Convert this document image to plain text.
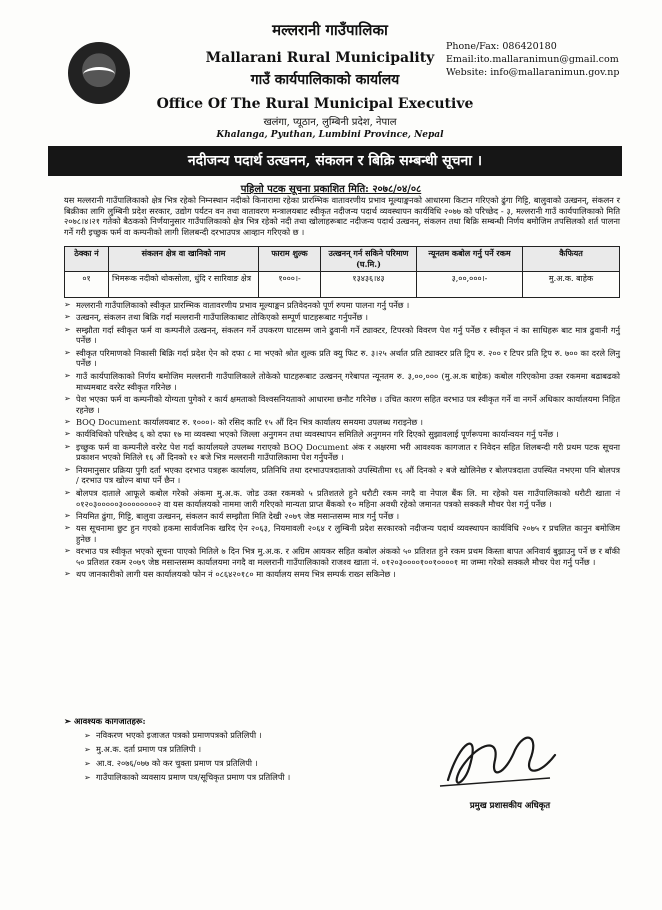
मल्लरानी गाउँपालिका
Mallarani Rural Municipality
गाउँ कार्यपालिकाको कार्यालय
Office Of The Rural Municipal Executive
खलंगा, प्यूठान, लुम्बिनी प्रदेश, नेपाल
Khalanga, Pyuthan, Lumbini Province, Nepal
Phone/Fax: 086420180
Email:ito.mallaranimun@gmail.com
Website: info@mallaranimun.gov.np
नदीजन्य पदार्थ उत्खनन, संकलन र बिक्रि सम्बन्धी सूचना ।
पहिलो पटक सूचना प्रकाशित मिति: २०७८/०४/०८

यस मल्लरानी गाउँपालिकाको क्षेत्र भित्र रहेको निम्नस्थान नदीको किनारामा रहेका प्रारम्भिक वातावरणीय प्रभाव मूल्याङ्कनको आधारमा किटान गरिएको ढुंगा गिट्टि, बालुवाको उत्खनन्, संकलन र बिक्रीका लागि लुम्बिनी प्रदेश सरकार, उद्योग पर्यटन वन तथा वातावरण मन्त्रालयबाट स्वीकृत नदीजन्य पदार्थ व्यवस्थापन कार्यविधि २०७७ को परिच्छेद - ३, मल्लरानी गाउँ कार्यपालिकाको मिति २०७८।४।२१ गतेको बैठकको निर्णयानुसार गाउँपालिकाको क्षेत्र भित्र रहेको नदी तथा खोलाहरूबाट नदीजन्य पदार्थ उत्खनन्, संकलन तथा बिक्रि सम्बन्धी निर्णय बमोजिम तपसिलको शर्त पालना गर्ने गरी इच्छुक फर्म वा कम्पनीको लागी शिलबन्दी दरभाउपत्र आव्हान गरिएको छ ।

ठेक्का नं	संकलन क्षेत्र वा खानिको नाम	फाराम शुल्क	उत्खनन् गर्न सकिने परिमाण (घ.मि.)	न्यूनतम कबोल गर्नु पर्ने रकम	कैफियत
०१	भिमरूक नदीको थोकसोला, धुंदि र सारिवाङ क्षेत्र	१०००।-	१३४३६।४३	३,००,०००।-	मु.अ.क. बाहेक
➢ मल्लरानी गाउँपालिकाको स्वीकृत प्रारम्भिक वातावरणीय प्रभाव मूल्याङ्कन प्रतिवेदनको पूर्ण रुपमा पालना गर्नु पर्नेछ ।
➢ उत्खनन्, संकलन तथा बिक्रि गर्दा मल्लरानी गाउँपालिकाबाट तोकिएको सम्पूर्ण घाटहरूबाट गर्नुपर्नेछ ।
➢ सम्झौता गर्दा स्वीकृत फर्म वा कम्पनीले उत्खनन्, संकलन गर्ने उपकरण घाटसम्म जाने ढुवानी गर्ने ट्याक्टर, टिपरको विवरण पेश गर्नु पर्नेछ र स्वीकृत नं का साधिहरू बाट मात्र ढुवानी गर्नु पर्नेछ ।
➢ स्वीकृत परिमाणको निकासी बिक्रि गर्दा प्रदेश ऐन को दफा ८ मा भएको श्रोत शुल्क प्रति क्यु फिट रु. ३।२५ अर्थात प्रति ट्याक्टर प्रति ट्रिप रु. २०० र टिपर प्रति ट्रिप रु. ७०० का दरले लिनु पर्नेछ ।
➢ गाउँ कार्यपालिकाको निर्णय बमोजिम मल्लरानी गाउँपालिकाले तोकेको घाटहरूबाट उत्खनन् गरेबापत न्यूनतम रु. ३,००,००० (मु.अ.क बाहेक) कबोल गरिएकोमा उक्त रकममा बढाबढको माध्यमबाट वररेट स्वीकृत गरिनेछ ।
➢ पेश भएका फर्म वा कम्पनीको योग्यता पुगेको र कार्य क्षमताको विश्वसनियताको आधारमा छनौट गरिनेछ । उचित कारण सहित वरभाउ पत्र स्वीकृत गर्ने वा नगर्ने अधिकार कार्यालयमा निहित रहनेछ ।
➢ BOQ Document कार्यालयबाट रु. १०००।- को रसिद काटि १५ औं दिन भित्र कार्यालय समयमा उपलब्ध गराइनेछ ।
➢ कार्यविधिको परिच्छेद ६ को दफा १७ मा व्यवस्था भएको जिल्ला अनुगमन तथा व्यवस्थापन समितिले अनुगमन गरि दिएको सुझावलाई पूर्णरूपमा कार्यान्वयन गर्नु पर्नेछ ।
➢ इच्छुक फर्म वा कम्पनीले वररेट पेश गर्दा कार्यालयले उपलब्ध गराएको BOQ Document अंक र अक्षरमा भरी आवश्यक कागजात र निवेदन सहित शिलबन्दी गरी प्रथम पटक सूचना प्रकाशन भएको मितिले १६ औं दिनको १२ बजे भित्र मल्लरानी गाउँपालिकामा पेश गर्नुपर्नेछ ।
➢ नियमानुसार प्रक्रिया पुगी दर्ता भएका दरभाउ पत्रहरू कार्यालय, प्रतिनिधि तथा दरभाउपत्रदाताको उपस्थितीमा १६ औं दिनको २ बजे खोलिनेछ र बोलपत्रदाता उपस्थित नभएमा पनि बोलपत्र / दरभाउ पत्र खोल्न बाधा पर्ने छैन ।
➢ बोलपत्र दाताले आफूले कबोल गरेको अंकमा मु.अ.क. जोड उक्त रकमको ५ प्रतिशतले हुने धरौटी रकम नगदै वा नेपाल बैंक लि. मा रहेको यस गाउँपालिकाको धरौटी खाता नं ०१२०३०००००३००००००००२ वा यस कार्यालयको नाममा जारी गरिएको मान्यता प्राप्त बैंकको १० महिना अवधी रहेको जमानत पत्रको सक्कलै मौचर पेश गर्नु पर्नेछ ।
➢ नियमित ढुंगा, गिट्टि, बालुवा उत्खनन्, संकलन कार्य सम्झौता मिति देखी २०७९ जेष्ठ मसान्तसम्म मात्र गर्नु पर्नेछ ।
➢ यस सूचनामा छुट हुन गएको हकमा सार्वजनिक खरिद ऐन २०६३, नियमावली २०६४ र लुम्बिनी प्रदेश सरकारको नदीजन्य पदार्थ व्यवस्थापन कार्यविधि २०७५ र प्रचलित कानुन बमोजिम हुनेछ ।
➢ वरभाउ पत्र स्वीकृत भएको सूचना पाएको मितिले ७ दिन भित्र मु.अ.क. र अग्रिम आयकर सहित कबोल अंकको ५० प्रतिशत हुने रकम प्रथम किस्ता बापत अनिवार्य बुझाउनु पर्ने छ र बाँकी ५० प्रतिशत रकम २०७९ जेष्ठ मसान्तसम्म कार्यालयमा नगदै वा मल्लरानी गाउँपालिकाको राजश्व खाता नं. ०१२०३००००१००१००००१ मा जम्मा गरेको सक्कलै मौचर पेश गर्नु पर्नेछ ।
➢ थप जानकारीको लागी यस कार्यालयको फोन नं ०८६४२०१८० मा कार्यालय समय भित्र सम्पर्क राख्न सकिनेछ ।
➢ आवश्यक कागजातहरू:
➢ नविकरण भएको इजाजत पत्रको प्रमाणपत्रको प्रतिलिपी ।
➢ मु.अ.क. दर्ता प्रमाण पत्र प्रतिलिपी ।
➢ आ.व. २०७६/०७७ को कर चुक्ता प्रमाण पत्र प्रतिलिपी ।
➢ गाउँपालिकाको व्यवसाय प्रमाण पत्र/सूचिकृत प्रमाण पत्र प्रतिलिपी ।
प्रमुख प्रशासकीय अधिकृत
